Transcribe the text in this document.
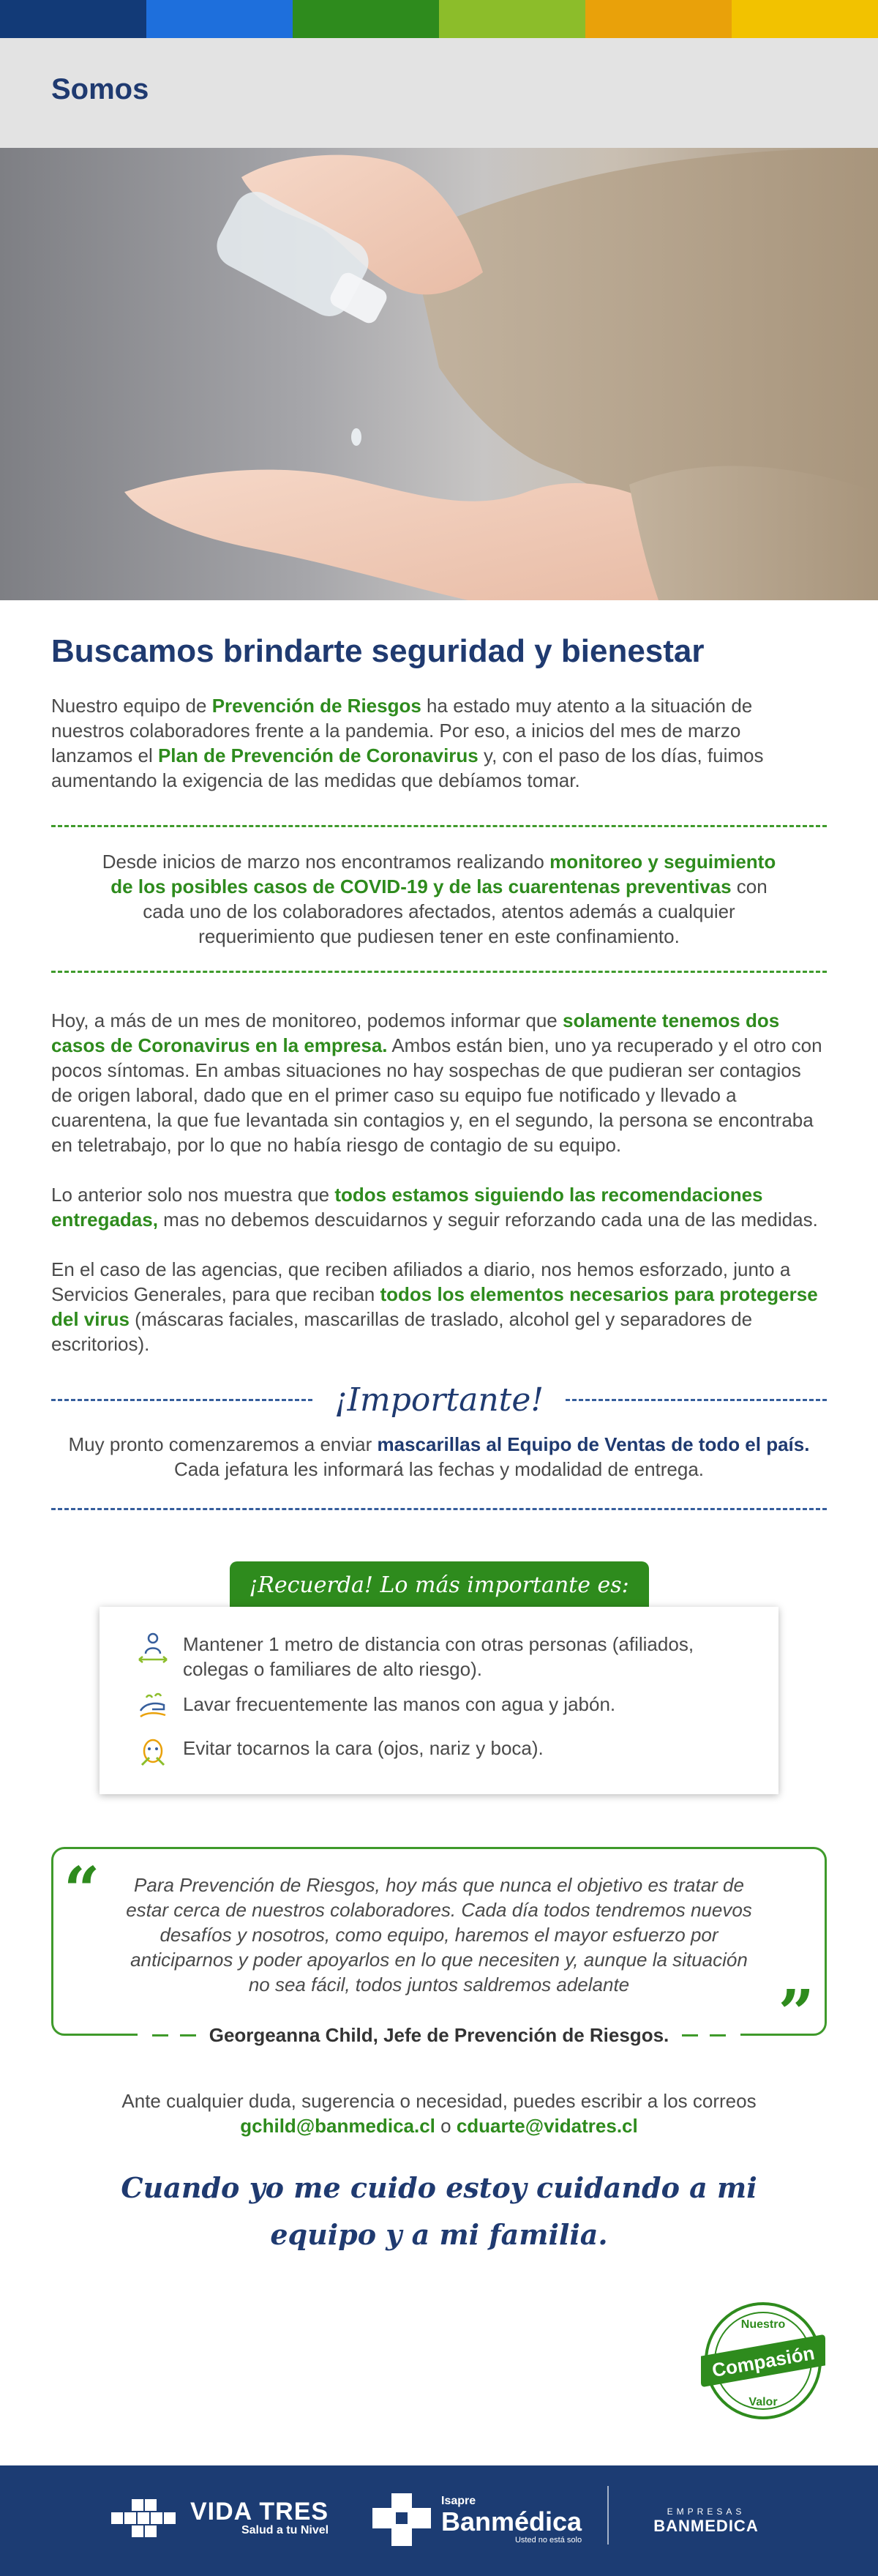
Somos
Buscamos brindarte seguridad y bienestar

Nuestro equipo de Prevención de Riesgos ha estado muy atento a la situación de nuestros colaboradores frente a la pandemia. Por eso, a inicios del mes de marzo lanzamos el Plan de Prevención de Coronavirus y, con el paso de los días, fuimos aumentando la exigencia de las medidas que debíamos tomar.

Desde inicios de marzo nos encontramos realizando monitoreo y seguimiento de los posibles casos de COVID-19 y de las cuarentenas preventivas con cada uno de los colaboradores afectados, atentos además a cualquier requerimiento que pudiesen tener en este confinamiento.

Hoy, a más de un mes de monitoreo, podemos informar que solamente tenemos dos casos de Coronavirus en la empresa. Ambos están bien, uno ya recuperado y el otro con pocos síntomas. En ambas situaciones no hay sospechas de que pudieran ser contagios de origen laboral, dado que en el primer caso su equipo fue notificado y llevado a cuarentena, la que fue levantada sin contagios y, en el segundo, la persona se encontraba en teletrabajo, por lo que no había riesgo de contagio de su equipo.

Lo anterior solo nos muestra que todos estamos siguiendo las recomendaciones entregadas, mas no debemos descuidarnos y seguir reforzando cada una de las medidas.

En el caso de las agencias, que reciben afiliados a diario, nos hemos esforzado, junto a Servicios Generales, para que reciban todos los elementos necesarios para protegerse del virus (máscaras faciales, mascarillas de traslado, alcohol gel y separadores de escritorios).

¡Importante!

Muy pronto comenzaremos a enviar mascarillas al Equipo de Ventas de todo el país. Cada jefatura les informará las fechas y modalidad de entrega.

¡Recuerda! Lo más importante es:
Mantener 1 metro de distancia con otras personas (afiliados, colegas o familiares de alto riesgo).
Lavar frecuentemente las manos con agua y jabón.
Evitar tocarnos la cara (ojos, nariz y boca).
“	Para Prevención de Riesgos, hoy más que nunca el objetivo es tratar de estar cerca de nuestros colaboradores. Cada día todos tendremos nuevos desafíos y nosotros, como equipo, haremos el mayor esfuerzo por anticiparnos y poder apoyarlos en lo que necesiten y, aunque la situación no sea fácil, todos juntos saldremos adelante	”
Georgeanna Child, Jefe de Prevención de Riesgos.
Ante cualquier duda, sugerencia o necesidad, puedes escribir a los correos gchild@banmedica.cl o cduarte@vidatres.cl
Cuando yo me cuido estoy cuidando a mi
equipo y a mi familia.
Compasión
Nuestro
Valor
VIDA TRES
Salud a tu Nivel
Isapre
Banmédica
Usted no está solo
EMPRESAS
BANMEDICA
